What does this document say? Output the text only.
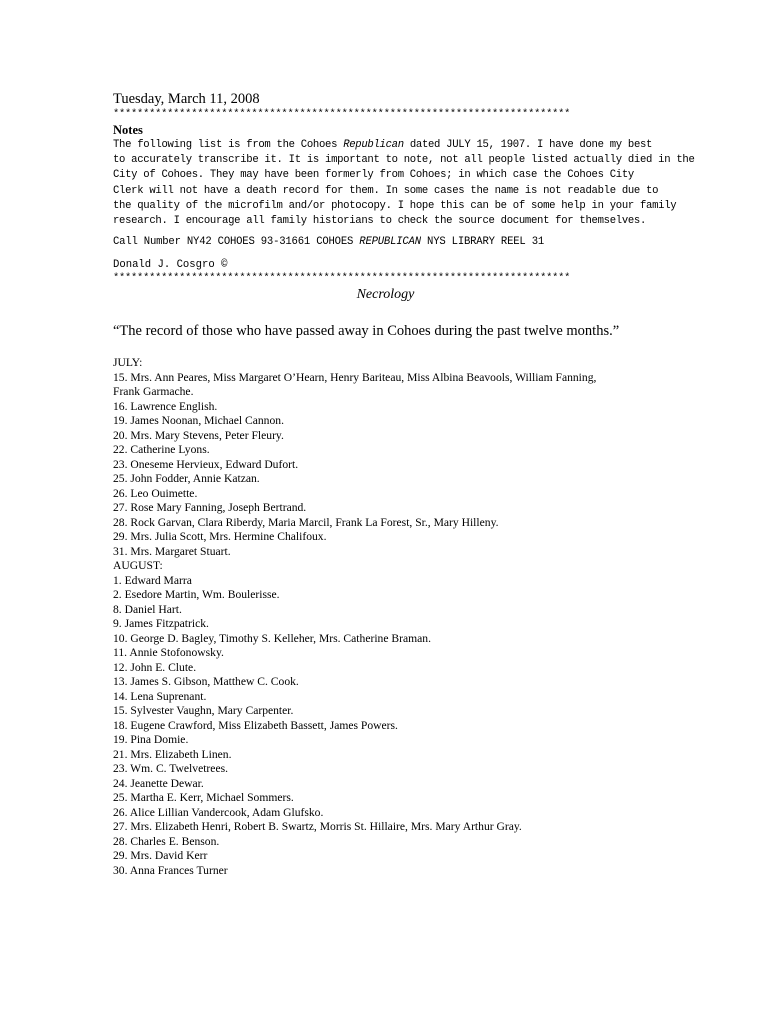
Tuesday, March 11, 2008
****************************************************************************
Notes
The following list is from the Cohoes Republican dated JULY 15, 1907. I have done my best
to accurately transcribe it. It is important to note, not all people listed actually died in the
City of Cohoes. They may have been formerly from Cohoes; in which case the Cohoes City
Clerk will not have a death record for them. In some cases the name is not readable due to
the quality of the microfilm and/or photocopy. I hope this can be of some help in your family
research. I encourage all family historians to check the source document for themselves.
Call Number NY42 COHOES 93-31661 COHOES REPUBLICAN NYS LIBRARY REEL 31
Donald J. Cosgro ©
****************************************************************************
Necrology
“The record of those who have passed away in Cohoes during the past twelve months.”
JULY:
15. Mrs. Ann Peares, Miss Margaret O’Hearn, Henry Bariteau, Miss Albina Beavools, William Fanning,
Frank Garmache.
16. Lawrence English.
19. James Noonan, Michael Cannon.
20. Mrs. Mary Stevens, Peter Fleury.
22. Catherine Lyons.
23. Oneseme Hervieux, Edward Dufort.
25. John Fodder, Annie Katzan.
26. Leo Ouimette.
27. Rose Mary Fanning, Joseph Bertrand.
28. Rock Garvan, Clara Riberdy, Maria Marcil, Frank La Forest, Sr., Mary Hilleny.
29. Mrs. Julia Scott, Mrs. Hermine Chalifoux.
31. Mrs. Margaret Stuart.
AUGUST:
1. Edward Marra
2. Esedore Martin, Wm. Boulerisse.
8. Daniel Hart.
9. James Fitzpatrick.
10. George D. Bagley, Timothy S. Kelleher, Mrs. Catherine Braman.
11. Annie Stofonowsky.
12. John E. Clute.
13. James S. Gibson, Matthew C. Cook.
14. Lena Suprenant.
15. Sylvester Vaughn, Mary Carpenter.
18. Eugene Crawford, Miss Elizabeth Bassett, James Powers.
19. Pina Domie.
21. Mrs. Elizabeth Linen.
23. Wm. C. Twelvetrees.
24. Jeanette Dewar.
25. Martha E. Kerr, Michael Sommers.
26. Alice Lillian Vandercook, Adam Glufsko.
27. Mrs. Elizabeth Henri, Robert B. Swartz, Morris St. Hillaire, Mrs. Mary Arthur Gray.
28. Charles E. Benson.
29. Mrs. David Kerr
30. Anna Frances Turner
